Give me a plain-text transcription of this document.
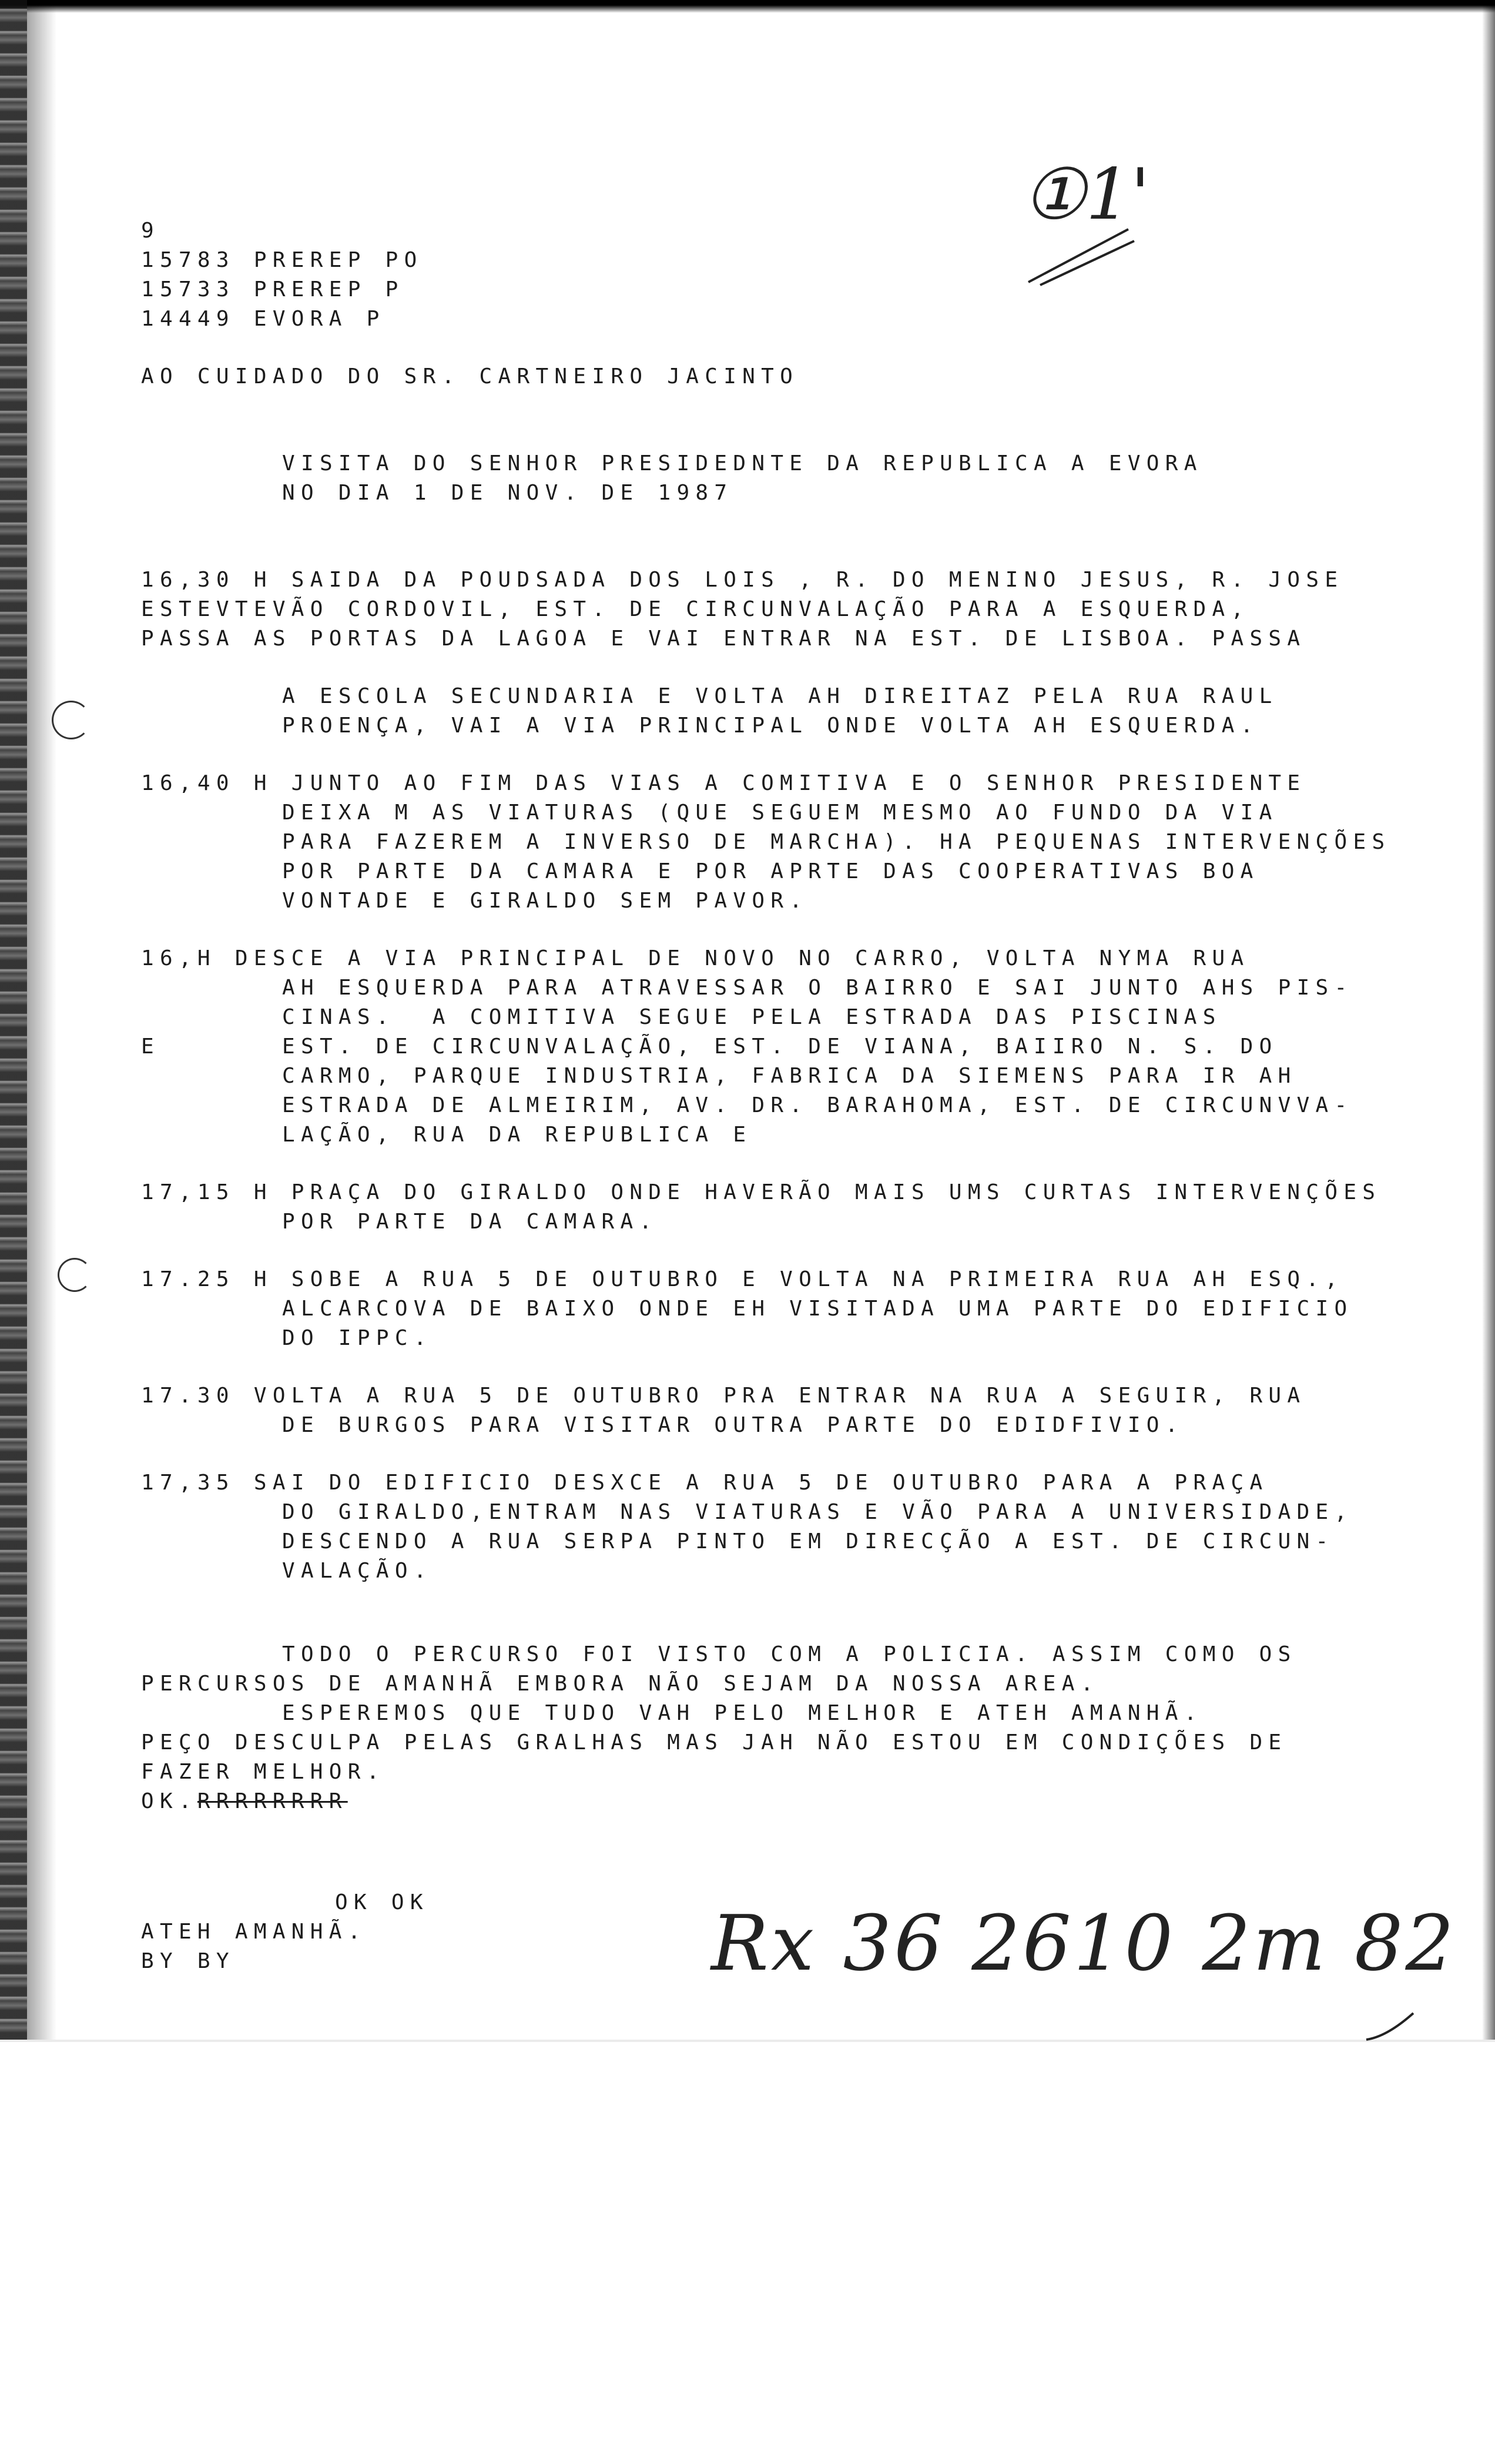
①1'
Rx 36 2610 2m 82
9
15783 PREREP PO
15733 PREREP P
14449 EVORA P
AO CUIDADO DO SR. CARTNEIRO JACINTO
VISITA DO SENHOR PRESIDEDNTE DA REPUBLICA A EVORA
NO DIA 1 DE NOV. DE 1987
16,30 H SAIDA DA POUDSADA DOS LOIS , R. DO MENINO JESUS, R. JOSE
ESTEVTEVÃO CORDOVIL, EST. DE CIRCUNVALAÇÃO PARA A ESQUERDA,
PASSA AS PORTAS DA LAGOA E VAI ENTRAR NA EST. DE LISBOA. PASSA
A ESCOLA SECUNDARIA E VOLTA AH DIREITAZ PELA RUA RAUL
PROENÇA, VAI A VIA PRINCIPAL ONDE VOLTA AH ESQUERDA.
16,40 H JUNTO AO FIM DAS VIAS A COMITIVA E O SENHOR PRESIDENTE
DEIXA M AS VIATURAS (QUE SEGUEM MESMO AO FUNDO DA VIA
PARA FAZEREM A INVERSO DE MARCHA). HA PEQUENAS INTERVENÇÕES
POR PARTE DA CAMARA E POR APRTE DAS COOPERATIVAS BOA
VONTADE E GIRALDO SEM PAVOR.
16,H DESCE A VIA PRINCIPAL DE NOVO NO CARRO, VOLTA NYMA RUA
AH ESQUERDA PARA ATRAVESSAR O BAIRRO E SAI JUNTO AHS PIS-
CINAS.  A COMITIVA SEGUE PELA ESTRADA DAS PISCINAS
E	EST. DE CIRCUNVALAÇÃO, EST. DE VIANA, BAIIRO N. S. DO
CARMO, PARQUE INDUSTRIA, FABRICA DA SIEMENS PARA IR AH
ESTRADA DE ALMEIRIM, AV. DR. BARAHOMA, EST. DE CIRCUNVVA-
LAÇÃO, RUA DA REPUBLICA E
17,15 H PRAÇA DO GIRALDO ONDE HAVERÃO MAIS UMS CURTAS INTERVENÇÕES
POR PARTE DA CAMARA.
17.25 H SOBE A RUA 5 DE OUTUBRO E VOLTA NA PRIMEIRA RUA AH ESQ.,
ALCARCOVA DE BAIXO ONDE EH VISITADA UMA PARTE DO EDIFICIO
DO IPPC.
17.30 VOLTA A RUA 5 DE OUTUBRO PRA ENTRAR NA RUA A SEGUIR, RUA
DE BURGOS PARA VISITAR OUTRA PARTE DO EDIDFIVIO.
17,35 SAI DO EDIFICIO DESXCE A RUA 5 DE OUTUBRO PARA A PRAÇA
DO GIRALDO,ENTRAM NAS VIATURAS E VÃO PARA A UNIVERSIDADE,
DESCENDO A RUA SERPA PINTO EM DIRECÇÃO A EST. DE CIRCUN-
VALAÇÃO.
TODO O PERCURSO FOI VISTO COM A POLICIA. ASSIM COMO OS
PERCURSOS DE AMANHÃ EMBORA NÃO SEJAM DA NOSSA AREA.
ESPEREMOS QUE TUDO VAH PELO MELHOR E ATEH AMANHÃ.
PEÇO DESCULPA PELAS GRALHAS MAS JAH NÃO ESTOU EM CONDIÇÕES DE
FAZER MELHOR.
OK.RRRRRRRR
OK OK
ATEH AMANHÃ.
BY BY
